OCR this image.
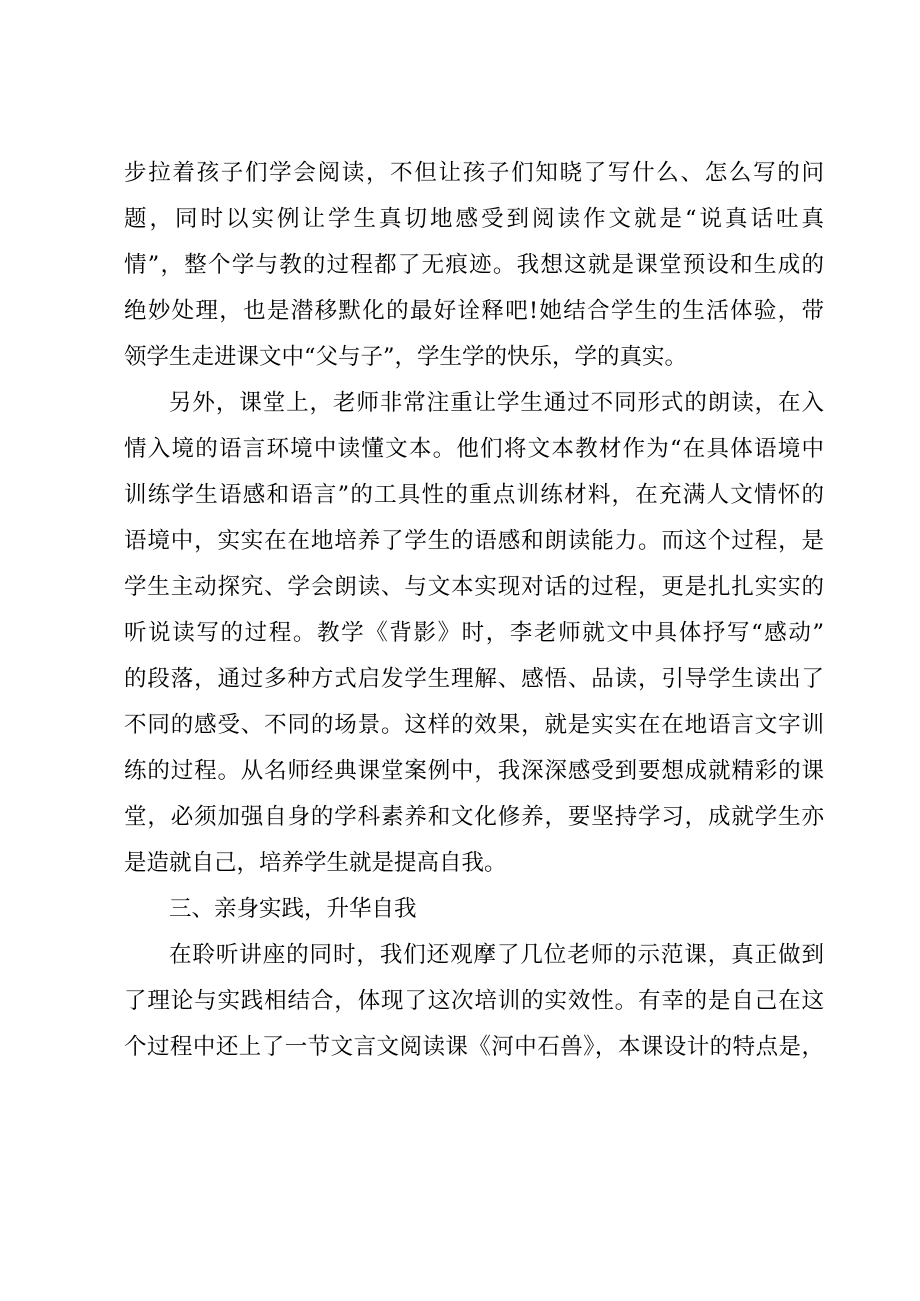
步拉着孩子们学会阅读，不但让孩子们知晓了写什么、怎么写的问
题，同时以实例让学生真切地感受到阅读作文就是“说真话吐真
情”，整个学与教的过程都了无痕迹。我想这就是课堂预设和生成的
绝妙处理，也是潜移默化的最好诠释吧!她结合学生的生活体验，带
领学生走进课文中“父与子”，学生学的快乐，学的真实。
另外，课堂上，老师非常注重让学生通过不同形式的朗读，在入
情入境的语言环境中读懂文本。他们将文本教材作为“在具体语境中
训练学生语感和语言”的工具性的重点训练材料，在充满人文情怀的
语境中，实实在在地培养了学生的语感和朗读能力。而这个过程，是
学生主动探究、学会朗读、与文本实现对话的过程，更是扎扎实实的
听说读写的过程。教学《背影》时，李老师就文中具体抒写“感动”
的段落，通过多种方式启发学生理解、感悟、品读，引导学生读出了
不同的感受、不同的场景。这样的效果，就是实实在在地语言文字训
练的过程。从名师经典课堂案例中，我深深感受到要想成就精彩的课
堂，必须加强自身的学科素养和文化修养，要坚持学习，成就学生亦
是造就自己，培养学生就是提高自我。
三、亲身实践，升华自我
在聆听讲座的同时，我们还观摩了几位老师的示范课，真正做到
了理论与实践相结合，体现了这次培训的实效性。有幸的是自己在这
个过程中还上了一节文言文阅读课《河中石兽》，本课设计的特点是，
